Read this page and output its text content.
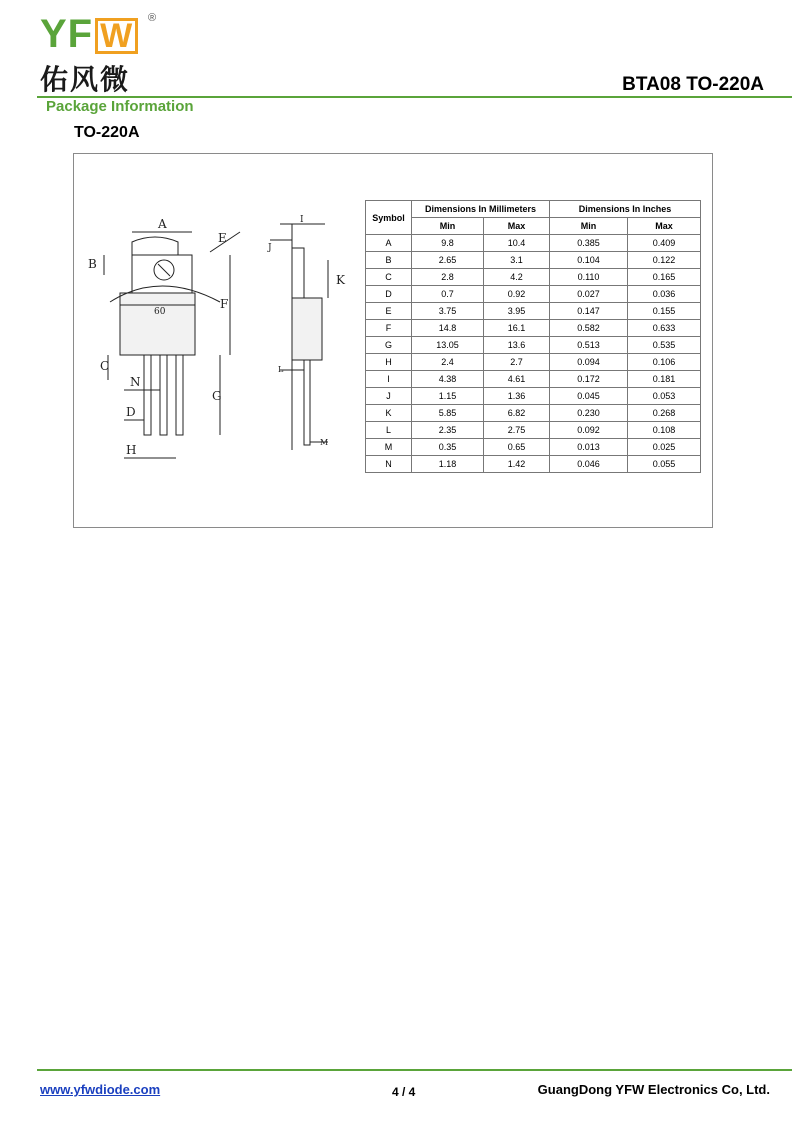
YF W	®
佑风微	BTA08 TO-220A
Package Information
TO-220A
A
E
B
60
F
C
G
N
D
H
I
J
K
L
M
Symbol	Dimensions In Millimeters		Dimensions In Inches	
	Min	Max	Min	Max
A	9.8	10.4	0.385	0.409
B	2.65	3.1	0.104	0.122
C	2.8	4.2	0.110	0.165
D	0.7	0.92	0.027	0.036
E	3.75	3.95	0.147	0.155
F	14.8	16.1	0.582	0.633
G	13.05	13.6	0.513	0.535
H	2.4	2.7	0.094	0.106
I	4.38	4.61	0.172	0.181
J	1.15	1.36	0.045	0.053
K	5.85	6.82	0.230	0.268
L	2.35	2.75	0.092	0.108
M	0.35	0.65	0.013	0.025
N	1.18	1.42	0.046	0.055
www.yfwdiode.com	4 / 4	GuangDong YFW Electronics Co, Ltd.
